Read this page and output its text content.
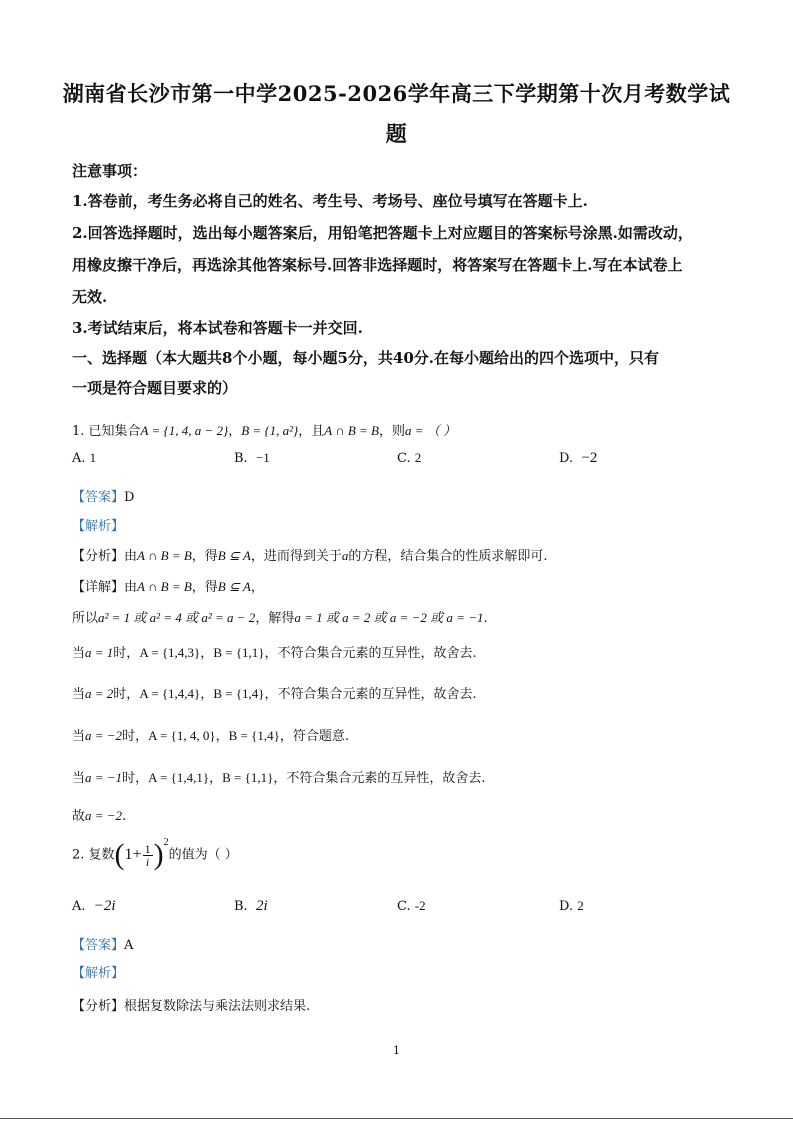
湖南省长沙市第一中学2025-2026学年高三下学期第十次月考数学试
题
注意事项：
1.答卷前，考生务必将自己的姓名、考生号、考场号、座位号填写在答题卡上.
2.回答选择题时，选出每小题答案后，用铅笔把答题卡上对应题目的答案标号涂黑.如需改动，
用橡皮擦干净后，再选涂其他答案标号.回答非选择题时，将答案写在答题卡上.写在本试卷上
无效.
3.考试结束后，将本试卷和答题卡一并交回.
一、选择题（本大题共8个小题，每小题5分，共40分.在每小题给出的四个选项中，只有
一项是符合题目要求的）
1. 已知集合A = {1, 4, a − 2}，B = {1, a²}，且A ∩ B = B，则a = （ ）
A. 1	B. −1	C. 2	D. −2
【答案】D
【解析】
【分析】由A ∩ B = B，得B ⊆ A，进而得到关于a的方程，结合集合的性质求解即可.
【详解】由A ∩ B = B，得B ⊆ A，
所以a² = 1 或 a² = 4 或 a² = a − 2，解得a = 1 或 a = 2 或 a = −2 或 a = −1.
当a = 1时，A = {1,4,3}，B = {1,1}，不符合集合元素的互异性，故舍去.
当a = 2时，A = {1,4,4}，B = {1,4}，不符合集合元素的互异性，故舍去.
当a = −2时，A = {1, 4, 0}，B = {1,4}，符合题意.
当a = −1时，A = {1,4,1}，B = {1,1}，不符合集合元素的互异性，故舍去.
故a = −2.
2. 复数$(1+ \frac{1}{i} )^2$的值为（ ）
A. −2i	B. 2i	C. -2	D. 2
【答案】A
【解析】
【分析】根据复数除法与乘法法则求结果.
1
